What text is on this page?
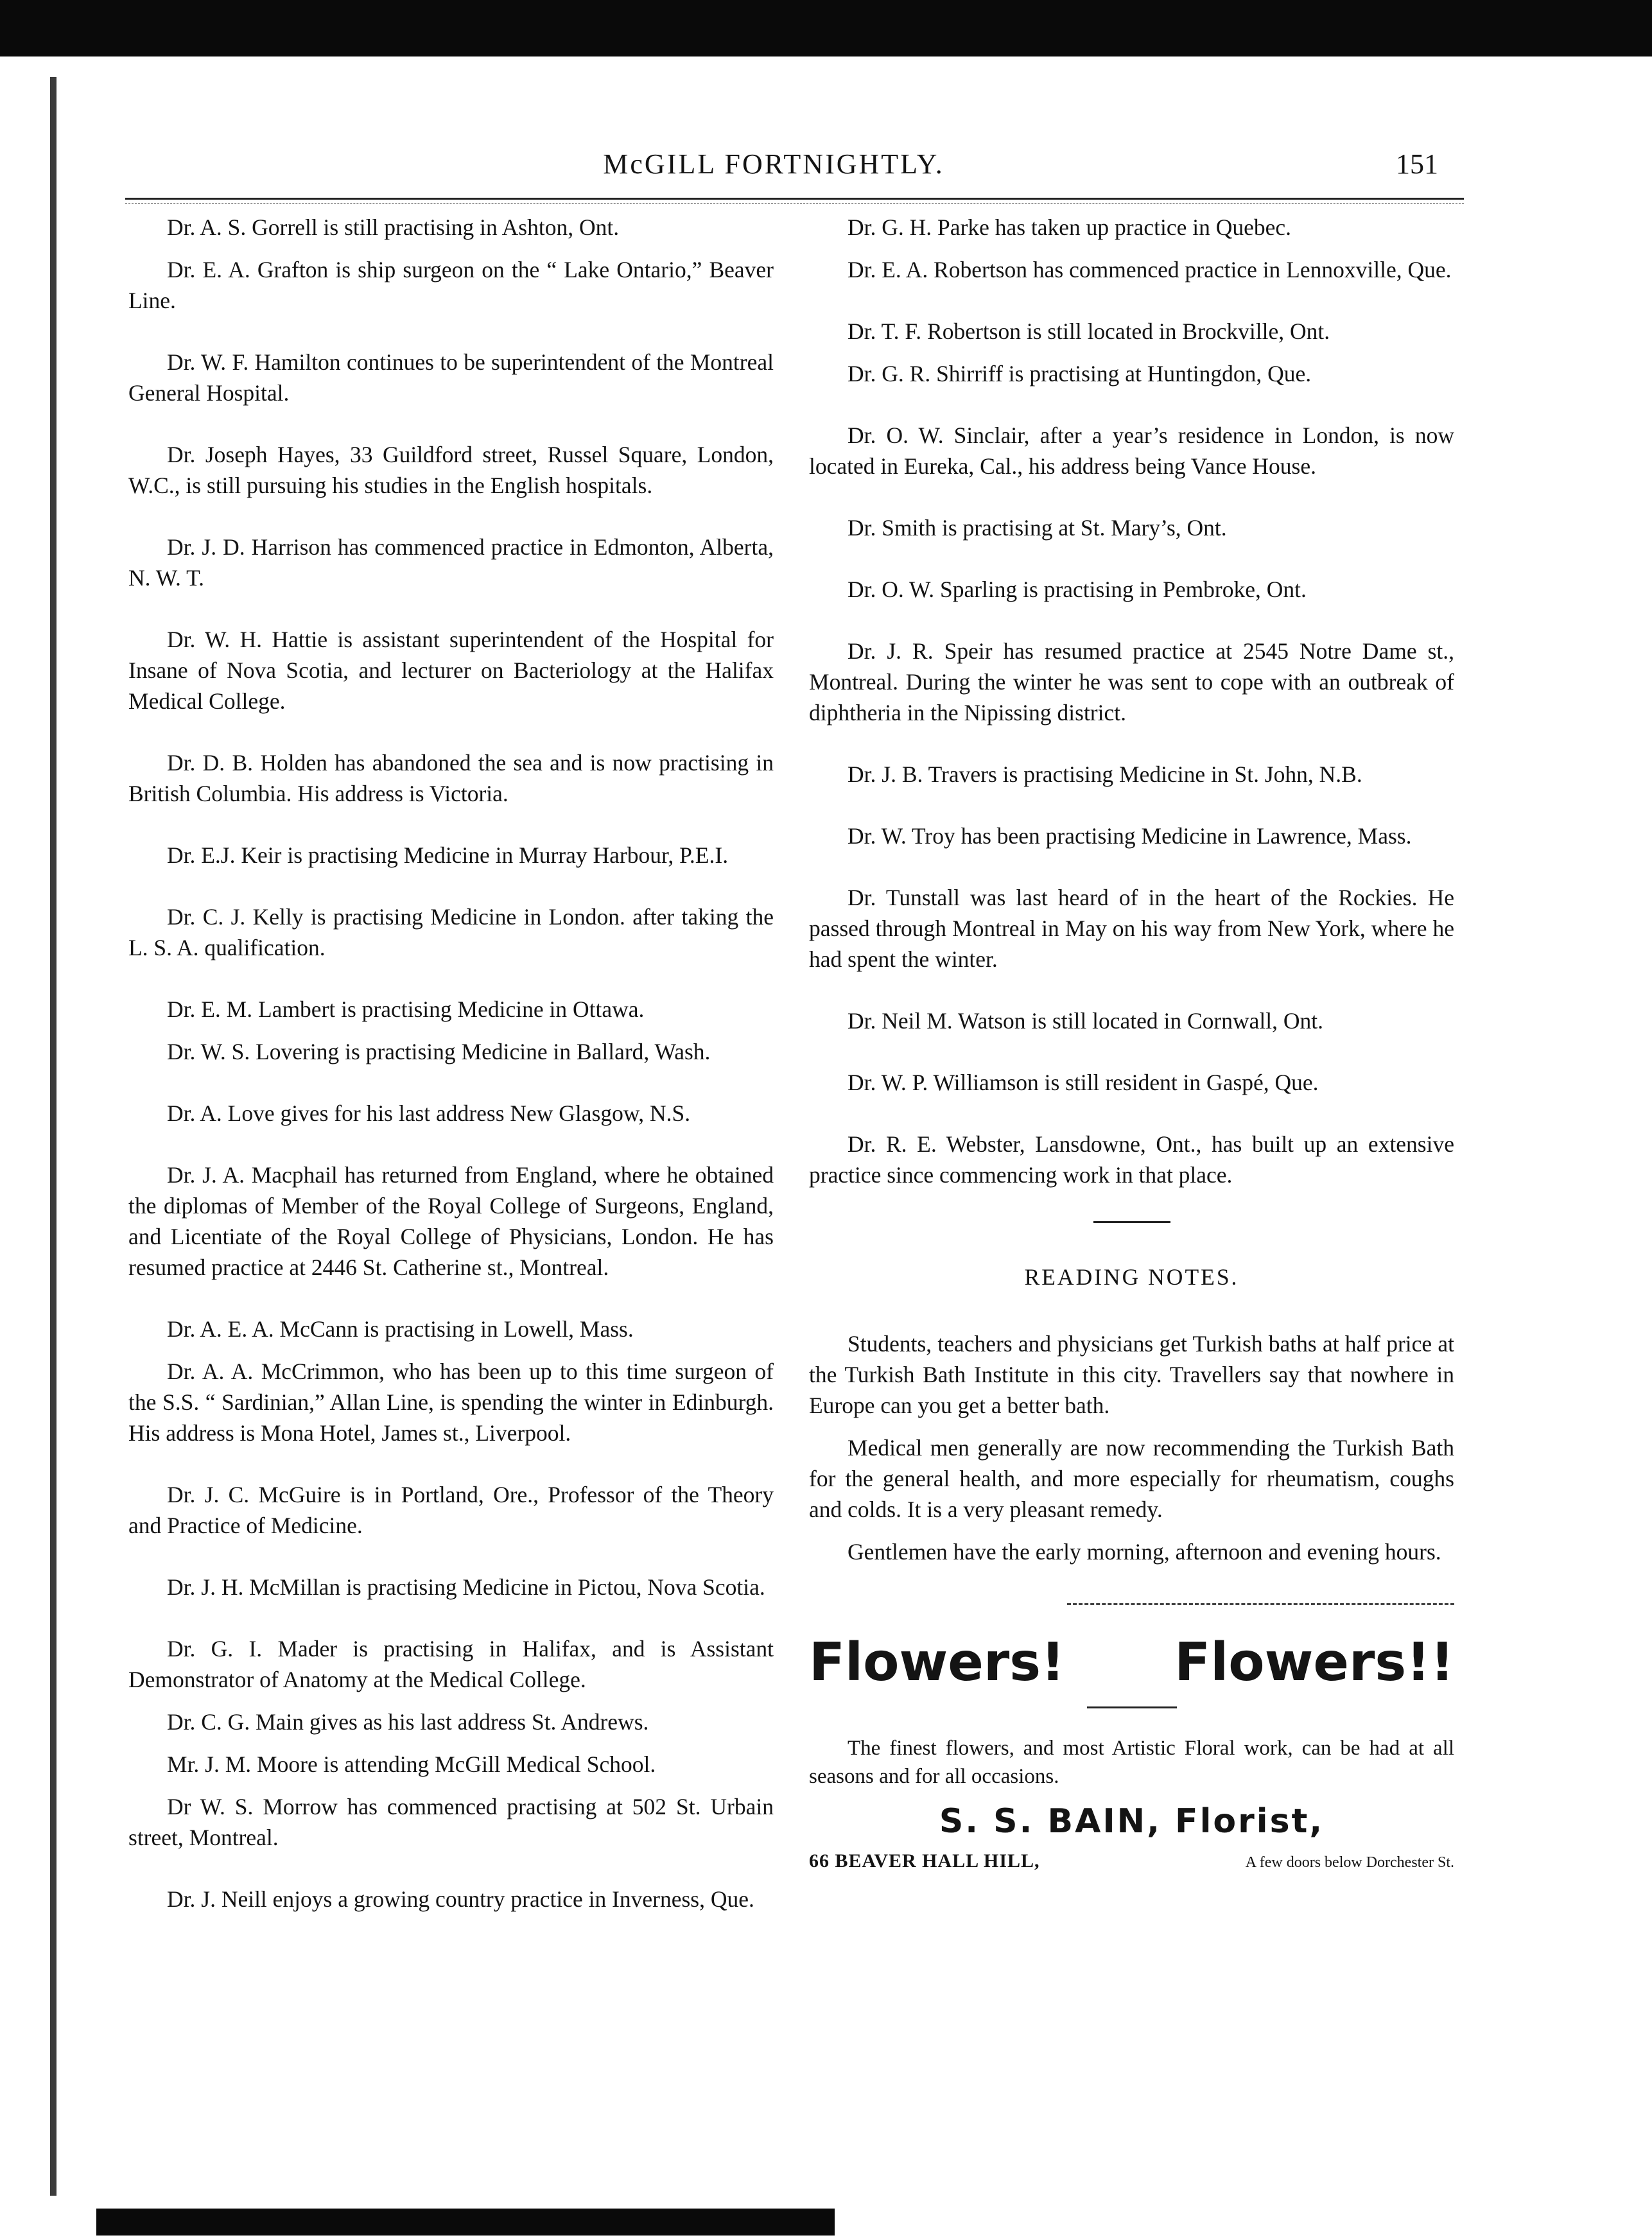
McGILL FORTNIGHTLY.	151

Dr. A. S. Gorrell is still practising in Ashton, Ont.

Dr. E. A. Grafton is ship surgeon on the “ Lake Ontario,” Beaver Line.

Dr. W. F. Hamilton continues to be superintendent of the Montreal General Hospital.

Dr. Joseph Hayes, 33 Guildford street, Russel Square, London, W.C., is still pursuing his studies in the English hospitals.

Dr. J. D. Harrison has commenced practice in Edmonton, Alberta, N. W. T.

Dr. W. H. Hattie is assistant superintendent of the Hospital for Insane of Nova Scotia, and lecturer on Bacteriology at the Halifax Medical College.

Dr. D. B. Holden has abandoned the sea and is now practising in British Columbia. His address is Victoria.

Dr. E.J. Keir is practising Medicine in Murray Harbour, P.E.I.

Dr. C. J. Kelly is practising Medicine in London. after taking the L. S. A. qualification.

Dr. E. M. Lambert is practising Medicine in Ottawa.

Dr. W. S. Lovering is practising Medicine in Ballard, Wash.

Dr. A. Love gives for his last address New Glasgow, N.S.

Dr. J. A. Macphail has returned from England, where he obtained the diplomas of Member of the Royal College of Surgeons, England, and Licentiate of the Royal College of Physicians, London. He has resumed practice at 2446 St. Catherine st., Montreal.

Dr. A. E. A. McCann is practising in Lowell, Mass.

Dr. A. A. McCrimmon, who has been up to this time surgeon of the S.S. “ Sardinian,” Allan Line, is spending the winter in Edinburgh. His address is Mona Hotel, James st., Liverpool.

Dr. J. C. McGuire is in Portland, Ore., Professor of the Theory and Practice of Medicine.

Dr. J. H. McMillan is practising Medicine in Pictou, Nova Scotia.

Dr. G. I. Mader is practising in Halifax, and is Assistant Demonstrator of Anatomy at the Medical College.

Dr. C. G. Main gives as his last address St. Andrews.

Mr. J. M. Moore is attending McGill Medical School.

Dr W. S. Morrow has commenced practising at 502 St. Urbain street, Montreal.

Dr. J. Neill enjoys a growing country practice in Inverness, Que.

Dr. G. H. Parke has taken up practice in Quebec.

Dr. E. A. Robertson has commenced practice in Lennoxville, Que.

Dr. T. F. Robertson is still located in Brockville, Ont.

Dr. G. R. Shirriff is practising at Huntingdon, Que.

Dr. O. W. Sinclair, after a year’s residence in London, is now located in Eureka, Cal., his address being Vance House.

Dr. Smith is practising at St. Mary’s, Ont.

Dr. O. W. Sparling is practising in Pembroke, Ont.

Dr. J. R. Speir has resumed practice at 2545 Notre Dame st., Montreal. During the winter he was sent to cope with an outbreak of diphtheria in the Nipissing district.

Dr. J. B. Travers is practising Medicine in St. John, N.B.

Dr. W. Troy has been practising Medicine in Lawrence, Mass.

Dr. Tunstall was last heard of in the heart of the Rockies. He passed through Montreal in May on his way from New York, where he had spent the winter.

Dr. Neil M. Watson is still located in Cornwall, Ont.

Dr. W. P. Williamson is still resident in Gaspé, Que.

Dr. R. E. Webster, Lansdowne, Ont., has built up an extensive practice since commencing work in that place.

READING NOTES.

Students, teachers and physicians get Turkish baths at half price at the Turkish Bath Institute in this city. Travellers say that nowhere in Europe can you get a better bath.

Medical men generally are now recommending the Turkish Bath for the general health, and more especially for rheumatism, coughs and colds. It is a very pleasant remedy.

Gentlemen have the early morning, afternoon and evening hours.

Flowers! Flowers!!

The finest flowers, and most Artistic Floral work, can be had at all seasons and for all occasions.

S. S. BAIN, Florist,
66 BEAVER HALL HILL,	A few doors below Dorchester St.
